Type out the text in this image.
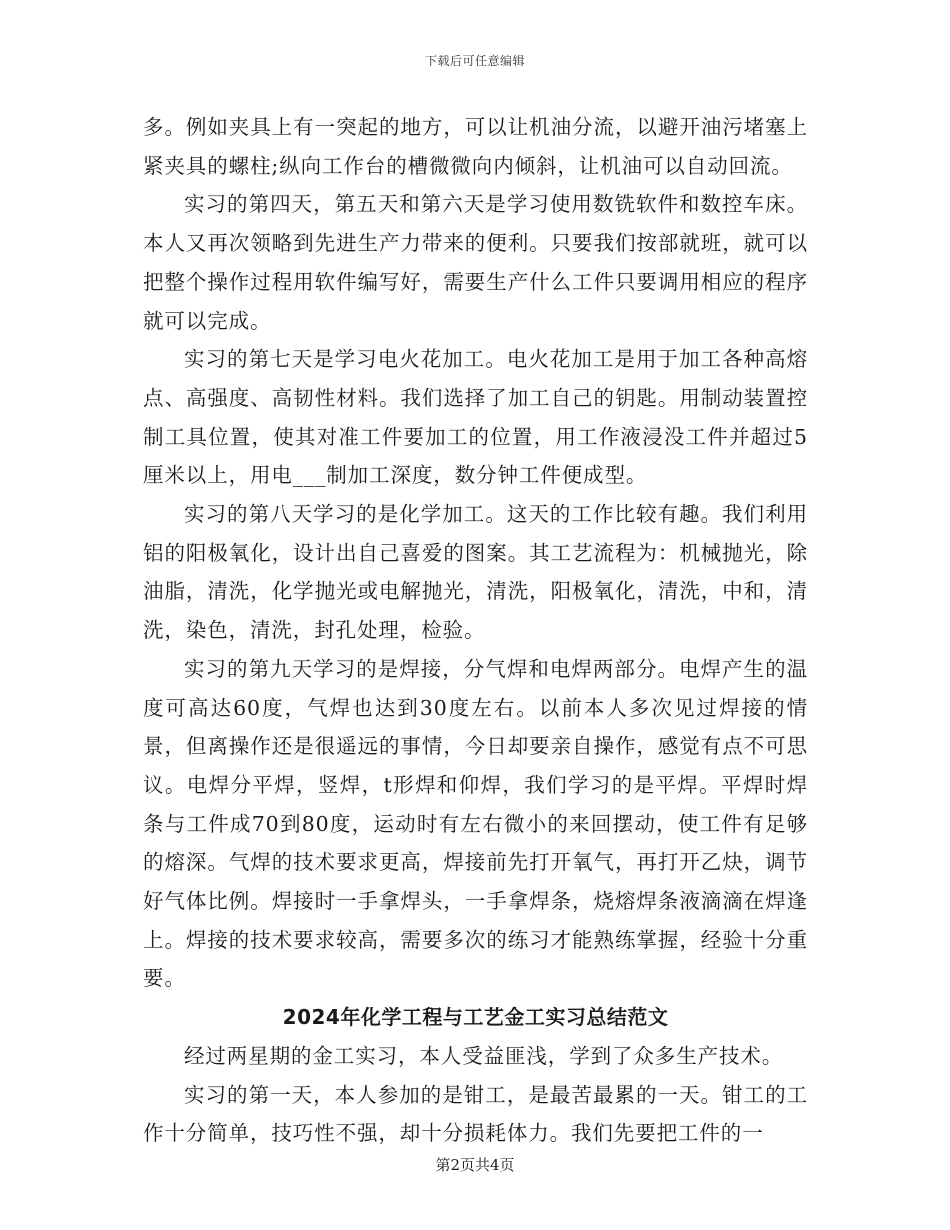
下载后可任意编辑

多。例如夹具上有一突起的地方，可以让机油分流，以避开油污堵塞上紧夹具的螺柱;纵向工作台的槽微微向内倾斜，让机油可以自动回流。

实习的第四天，第五天和第六天是学习使用数铣软件和数控车床。本人又再次领略到先进生产力带来的便利。只要我们按部就班，就可以把整个操作过程用软件编写好，需要生产什么工件只要调用相应的程序就可以完成。

实习的第七天是学习电火花加工。电火花加工是用于加工各种高熔点、高强度、高韧性材料。我们选择了加工自己的钥匙。用制动装置控制工具位置，使其对准工件要加工的位置，用工作液浸没工件并超过5厘米以上，用电___制加工深度，数分钟工件便成型。

实习的第八天学习的是化学加工。这天的工作比较有趣。我们利用铝的阳极氧化，设计出自己喜爱的图案。其工艺流程为：机械抛光，除油脂，清洗，化学抛光或电解抛光，清洗，阳极氧化，清洗，中和，清洗，染色，清洗，封孔处理，检验。

实习的第九天学习的是焊接，分气焊和电焊两部分。电焊产生的温度可高达60度，气焊也达到30度左右。以前本人多次见过焊接的情景，但离操作还是很遥远的事情，今日却要亲自操作，感觉有点不可思议。电焊分平焊，竖焊，t形焊和仰焊，我们学习的是平焊。平焊时焊条与工件成70到80度，运动时有左右微小的来回摆动，使工件有足够的熔深。气焊的技术要求更高，焊接前先打开氧气，再打开乙炔，调节好气体比例。焊接时一手拿焊头，一手拿焊条，烧熔焊条液滴滴在焊逢上。焊接的技术要求较高，需要多次的练习才能熟练掌握，经验十分重要。

2024年化学工程与工艺金工实习总结范文

经过两星期的金工实习，本人受益匪浅，学到了众多生产技术。

实习的第一天，本人参加的是钳工，是最苦最累的一天。钳工的工作十分简单，技巧性不强，却十分损耗体力。我们先要把工件的一

第2页共4页
